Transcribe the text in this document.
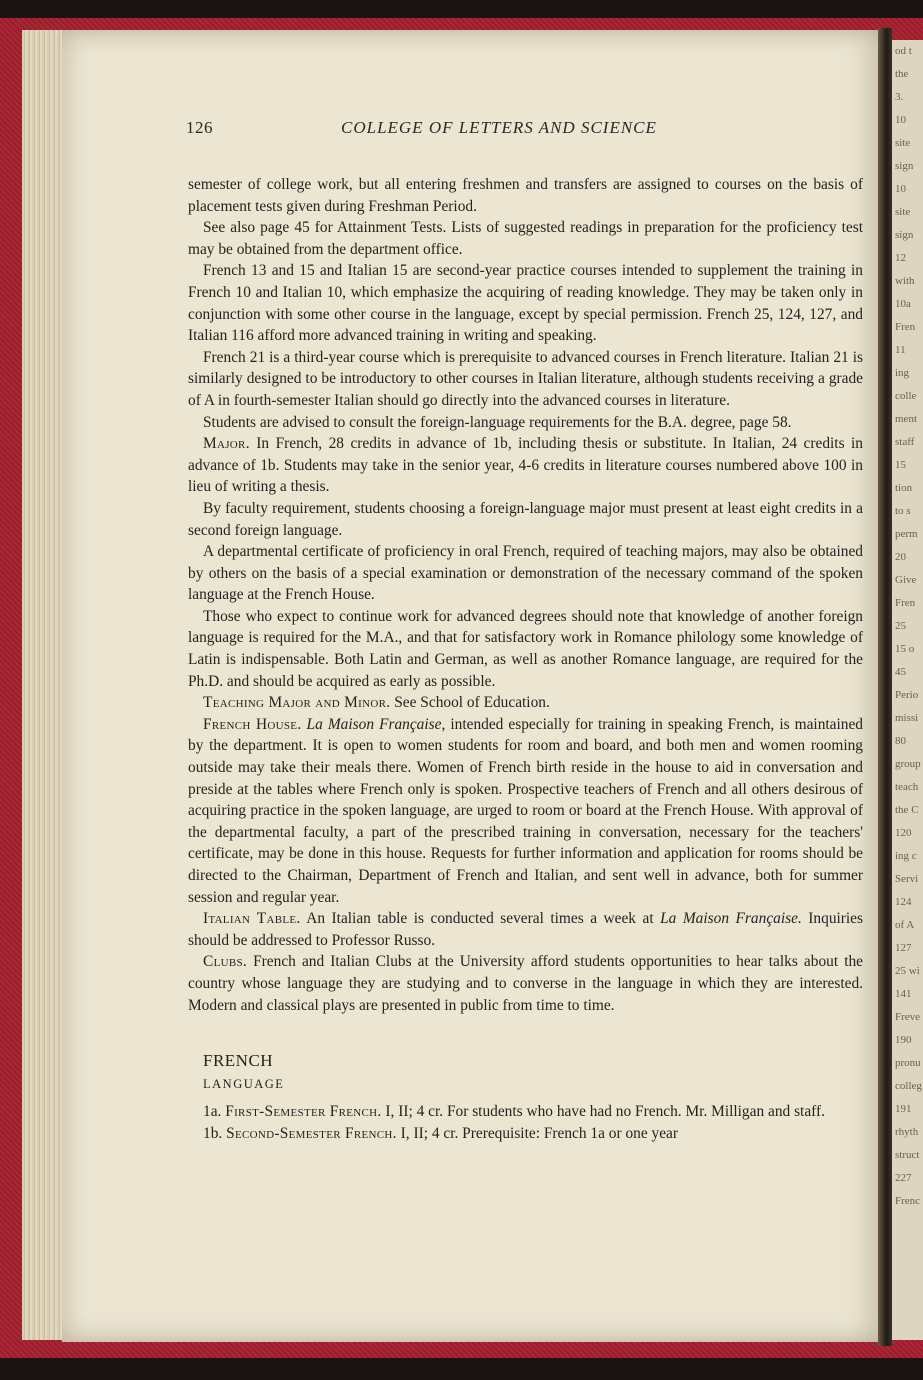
od t
the
3.
10
site
sign
10
site
sign
12
with
10a
Fren
11
ing
colle
ment
staff
15
tion
to s
perm
20
Give
Fren
25
15 o
45
Perio
missi
80
group
teach
the C
120
ing c
Servi
124
of A
127
25 wi
141
Freve
190
pronu
colleg
191
rhyth
struct
227
Frenc
126	COLLEGE OF LETTERS AND SCIENCE

semester of college work, but all entering freshmen and transfers are assigned to courses on the basis of placement tests given during Freshman Period.

See also page 45 for Attainment Tests. Lists of suggested readings in preparation for the proficiency test may be obtained from the department office.

French 13 and 15 and Italian 15 are second-year practice courses intended to supplement the training in French 10 and Italian 10, which emphasize the acquiring of reading knowledge. They may be taken only in conjunction with some other course in the language, except by special permission. French 25, 124, 127, and Italian 116 afford more advanced training in writing and speaking.

French 21 is a third-year course which is prerequisite to advanced courses in French literature. Italian 21 is similarly designed to be introductory to other courses in Italian literature, although students receiving a grade of A in fourth-semester Italian should go directly into the advanced courses in literature.

Students are advised to consult the foreign-language requirements for the B.A. degree, page 58.

Major. In French, 28 credits in advance of 1b, including thesis or substitute. In Italian, 24 credits in advance of 1b. Students may take in the senior year, 4-6 credits in literature courses numbered above 100 in lieu of writing a thesis.

By faculty requirement, students choosing a foreign-language major must present at least eight credits in a second foreign language.

A departmental certificate of proficiency in oral French, required of teaching majors, may also be obtained by others on the basis of a special examination or demonstration of the necessary command of the spoken language at the French House.

Those who expect to continue work for advanced degrees should note that knowledge of another foreign language is required for the M.A., and that for satisfactory work in Romance philology some knowledge of Latin is indispensable. Both Latin and German, as well as another Romance language, are required for the Ph.D. and should be acquired as early as possible.

Teaching Major and Minor. See School of Education.

French House. La Maison Française, intended especially for training in speaking French, is maintained by the department. It is open to women students for room and board, and both men and women rooming outside may take their meals there. Women of French birth reside in the house to aid in conversation and preside at the tables where French only is spoken. Prospective teachers of French and all others desirous of acquiring practice in the spoken language, are urged to room or board at the French House. With approval of the departmental faculty, a part of the prescribed training in conversation, necessary for the teachers' certificate, may be done in this house. Requests for further information and application for rooms should be directed to the Chairman, Department of French and Italian, and sent well in advance, both for summer session and regular year.

Italian Table. An Italian table is conducted several times a week at La Maison Française. Inquiries should be addressed to Professor Russo.

Clubs. French and Italian Clubs at the University afford students opportunities to hear talks about the country whose language they are studying and to converse in the language in which they are interested. Modern and classical plays are presented in public from time to time.

FRENCH

LANGUAGE

1a. First-Semester French. I, II; 4 cr. For students who have had no French. Mr. Milligan and staff.

1b. Second-Semester French. I, II; 4 cr. Prerequisite: French 1a or one year
